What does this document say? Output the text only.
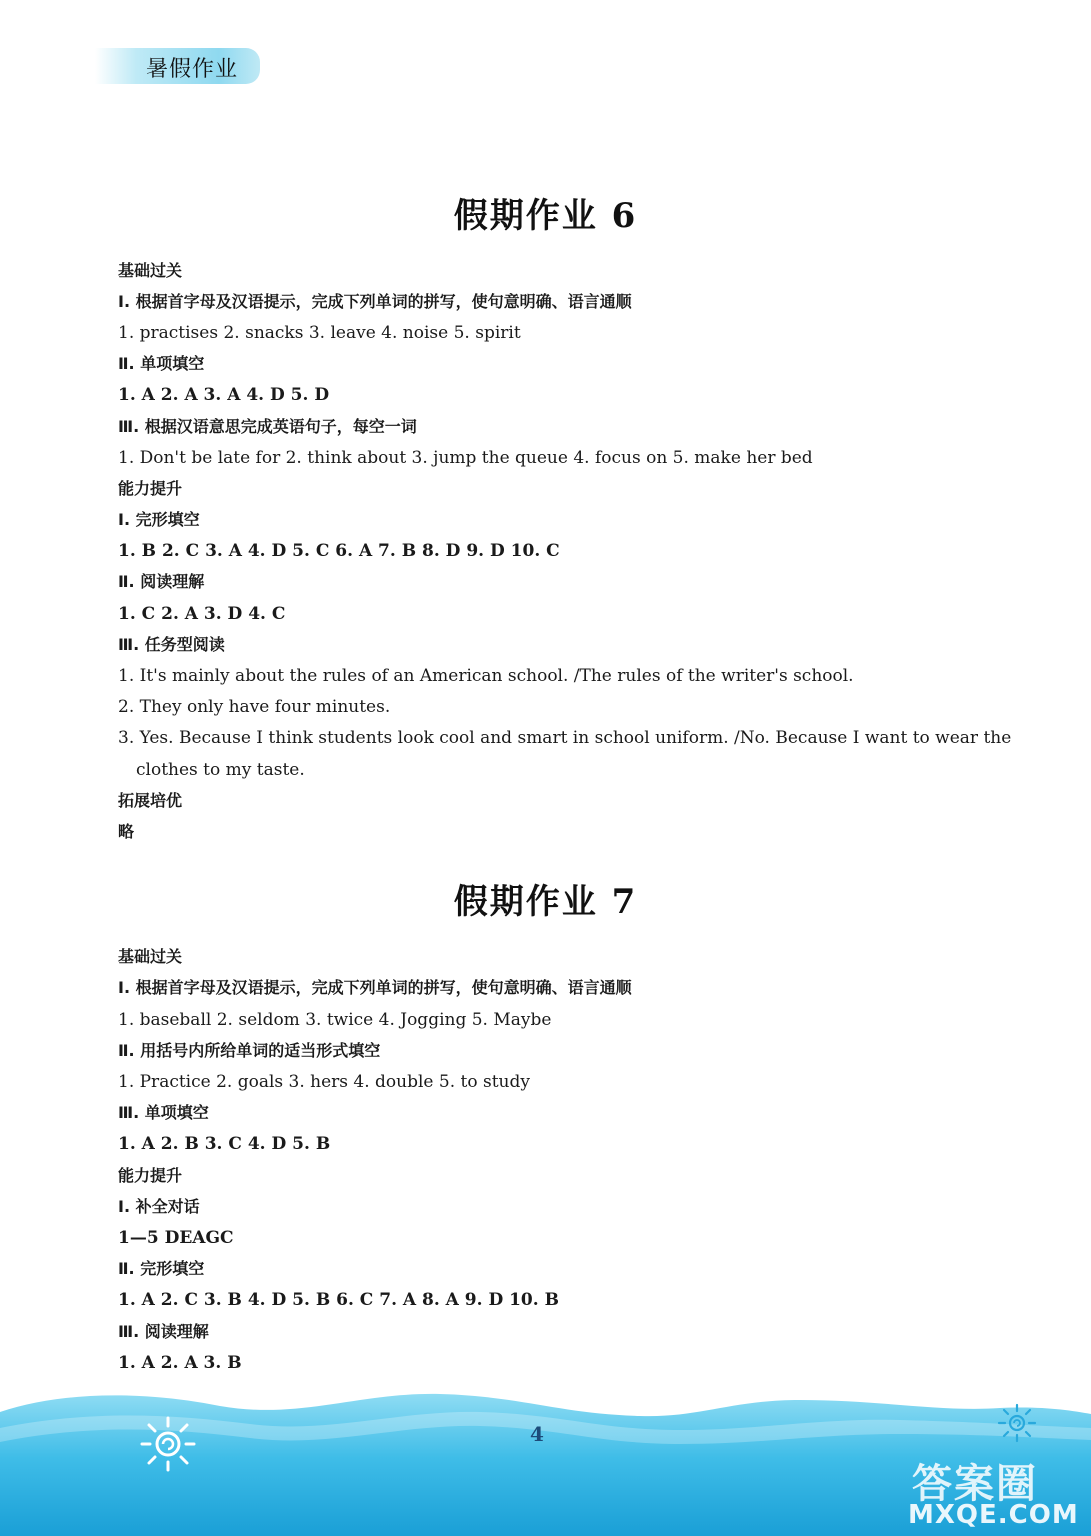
暑假作业
假期作业 6
基础过关
Ⅰ. 根据首字母及汉语提示，完成下列单词的拼写，使句意明确、语言通顺
1. practises 2. snacks 3. leave 4. noise 5. spirit
Ⅱ. 单项填空
1. A 2. A 3. A 4. D 5. D
Ⅲ. 根据汉语意思完成英语句子，每空一词
1. Don't be late for 2. think about 3. jump the queue 4. focus on 5. make her bed
能力提升
Ⅰ. 完形填空
1. B 2. C 3. A 4. D 5. C 6. A 7. B 8. D 9. D 10. C
Ⅱ. 阅读理解
1. C 2. A 3. D 4. C
Ⅲ. 任务型阅读
1. It's mainly about the rules of an American school. /The rules of the writer's school.
2. They only have four minutes.
3. Yes. Because I think students look cool and smart in school uniform. /No. Because I want to wear the
clothes to my taste.
拓展培优
略
假期作业 7
基础过关
Ⅰ. 根据首字母及汉语提示，完成下列单词的拼写，使句意明确、语言通顺
1. baseball 2. seldom 3. twice 4. Jogging 5. Maybe
Ⅱ. 用括号内所给单词的适当形式填空
1. Practice 2. goals 3. hers 4. double 5. to study
Ⅲ. 单项填空
1. A 2. B 3. C 4. D 5. B
能力提升
Ⅰ. 补全对话
1—5 DEAGC
Ⅱ. 完形填空
1. A 2. C 3. B 4. D 5. B 6. C 7. A 8. A 9. D 10. B
Ⅲ. 阅读理解
1. A 2. A 3. B
4
答案圈
MXQE.COM
